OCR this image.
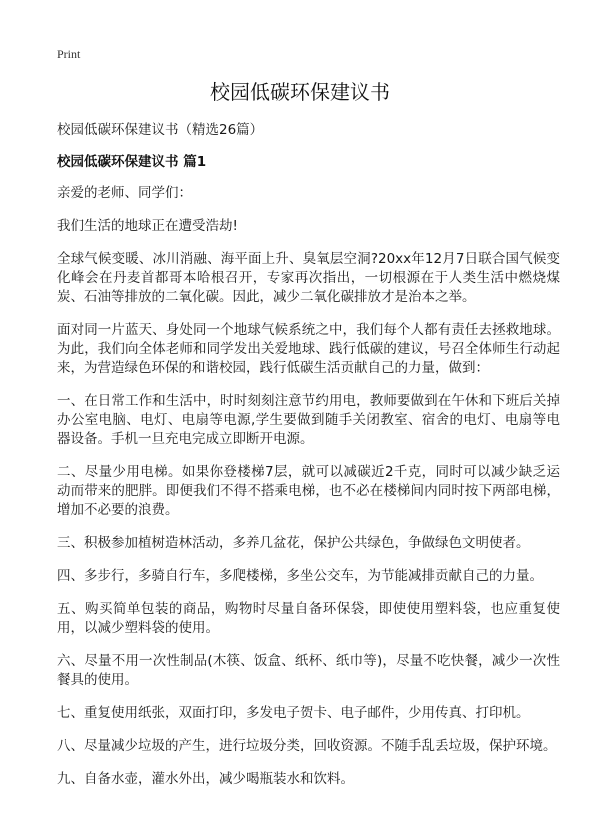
Print
校园低碳环保建议书

校园低碳环保建议书（精选26篇）

校园低碳环保建议书 篇1

亲爱的老师、同学们：

我们生活的地球正在遭受浩劫!

全球气候变暖、冰川消融、海平面上升、臭氧层空洞?20xx年12月7日联合国气候变化峰会在丹麦首都哥本哈根召开，专家再次指出，一切根源在于人类生活中燃烧煤炭、石油等排放的二氧化碳。因此，减少二氧化碳排放才是治本之举。

面对同一片蓝天、身处同一个地球气候系统之中，我们每个人都有责任去拯救地球。为此，我们向全体老师和同学发出关爱地球、践行低碳的建议，号召全体师生行动起来，为营造绿色环保的和谐校园，践行低碳生活贡献自己的力量，做到：

一、在日常工作和生活中，时时刻刻注意节约用电，教师要做到在午休和下班后关掉办公室电脑、电灯、电扇等电源,学生要做到随手关闭教室、宿舍的电灯、电扇等电器设备。手机一旦充电完成立即断开电源。

二、尽量少用电梯。如果你登楼梯7层，就可以减碳近2千克，同时可以减少缺乏运动而带来的肥胖。即便我们不得不搭乘电梯，也不必在楼梯间内同时按下两部电梯，增加不必要的浪费。

三、积极参加植树造林活动，多养几盆花，保护公共绿色，争做绿色文明使者。

四、多步行，多骑自行车，多爬楼梯，多坐公交车，为节能减排贡献自己的力量。

五、购买简单包装的商品，购物时尽量自备环保袋，即使使用塑料袋，也应重复使用，以减少塑料袋的使用。

六、尽量不用一次性制品(木筷、饭盒、纸杯、纸巾等)，尽量不吃快餐，减少一次性餐具的使用。

七、重复使用纸张，双面打印，多发电子贺卡、电子邮件，少用传真、打印机。

八、尽量减少垃圾的产生，进行垃圾分类，回收资源。不随手乱丢垃圾，保护环境。

九、自备水壶，灌水外出，减少喝瓶装水和饮料。
